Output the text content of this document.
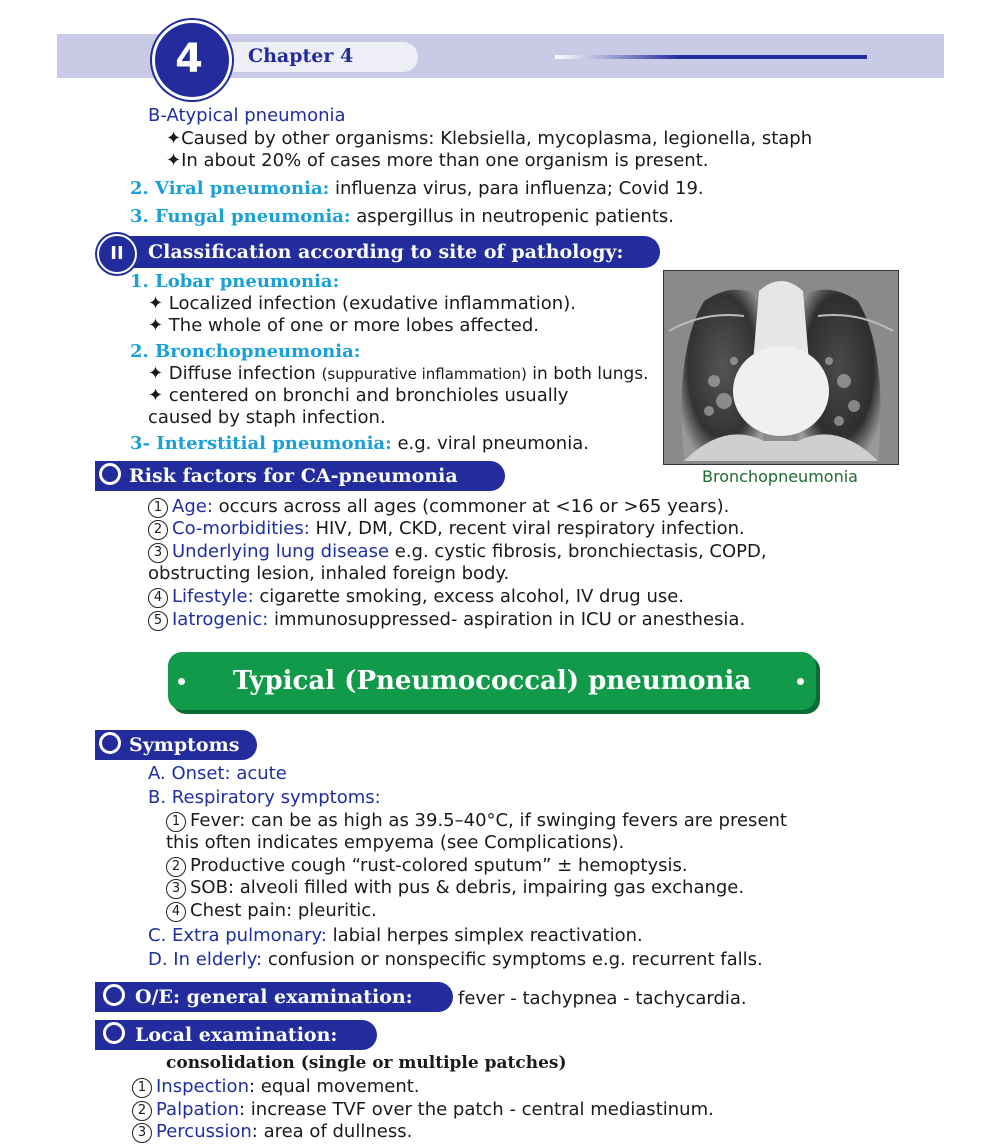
4	Chapter 4
B-Atypical pneumonia
✦Caused by other organisms: Klebsiella, mycoplasma, legionella, staph
✦In about 20% of cases more than one organism is present.
2. Viral pneumonia: influenza virus, para influenza; Covid 19.
3. Fungal pneumonia: aspergillus in neutropenic patients.
Classification according to site of pathology:
II
1. Lobar pneumonia:
✦ Localized infection (exudative inflammation).
✦ The whole of one or more lobes affected.
2. Bronchopneumonia:
✦ Diffuse infection (suppurative inflammation) in both lungs.
✦ centered on bronchi and bronchioles usually
caused by staph infection.
3- Interstitial pneumonia: e.g. viral pneumonia.
Bronchopneumonia
Risk factors for CA-pneumonia
1 Age: occurs across all ages (commoner at <16 or >65 years).
2 Co-morbidities: HIV, DM, CKD, recent viral respiratory infection.
3 Underlying lung disease e.g. cystic fibrosis, bronchiectasis, COPD,
obstructing lesion, inhaled foreign body.
4 Lifestyle: cigarette smoking, excess alcohol, IV drug use.
5 Iatrogenic: immunosuppressed- aspiration in ICU or anesthesia.
Typical (Pneumococcal) pneumonia
Symptoms
A. Onset: acute
B. Respiratory symptoms:
1 Fever: can be as high as 39.5–40°C, if swinging fevers are present
this often indicates empyema (see Complications).
2 Productive cough “rust-colored sputum” ± hemoptysis.
3 SOB: alveoli filled with pus & debris, impairing gas exchange.
4 Chest pain: pleuritic.
C. Extra pulmonary: labial herpes simplex reactivation.
D. In elderly: confusion or nonspecific symptoms e.g. recurrent falls.
O/E: general examination:	fever - tachypnea - tachycardia.
Local examination:
consolidation (single or multiple patches)
1 Inspection: equal movement.
2 Palpation: increase TVF over the patch - central mediastinum.
3 Percussion: area of dullness.
